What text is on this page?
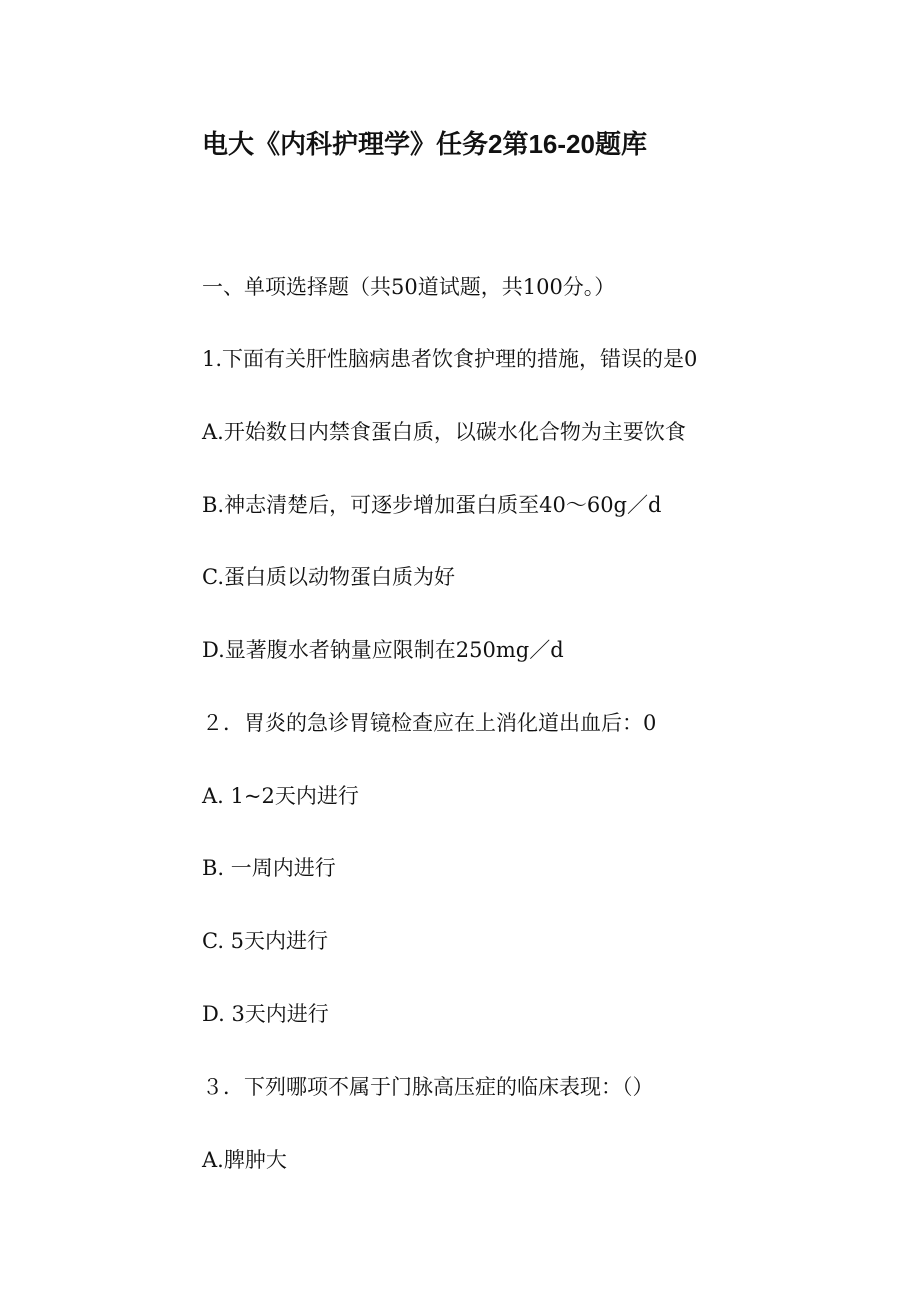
电大《内科护理学》任务2第16-20题库
一、单项选择题（共50道试题，共100分。）
1.下面有关肝性脑病患者饮食护理的措施，错误的是0
A.开始数日内禁食蛋白质，以碳水化合物为主要饮食
B.神志清楚后，可逐步增加蛋白质至40～60g／d
C.蛋白质以动物蛋白质为好
D.显著腹水者钠量应限制在250mg／d
２．胃炎的急诊胃镜检查应在上消化道出血后：0
A. 1~2天内进行
B. 一周内进行
C. 5天内进行
D. 3天内进行
３．下列哪项不属于门脉高压症的临床表现：（）
A.脾肿大
